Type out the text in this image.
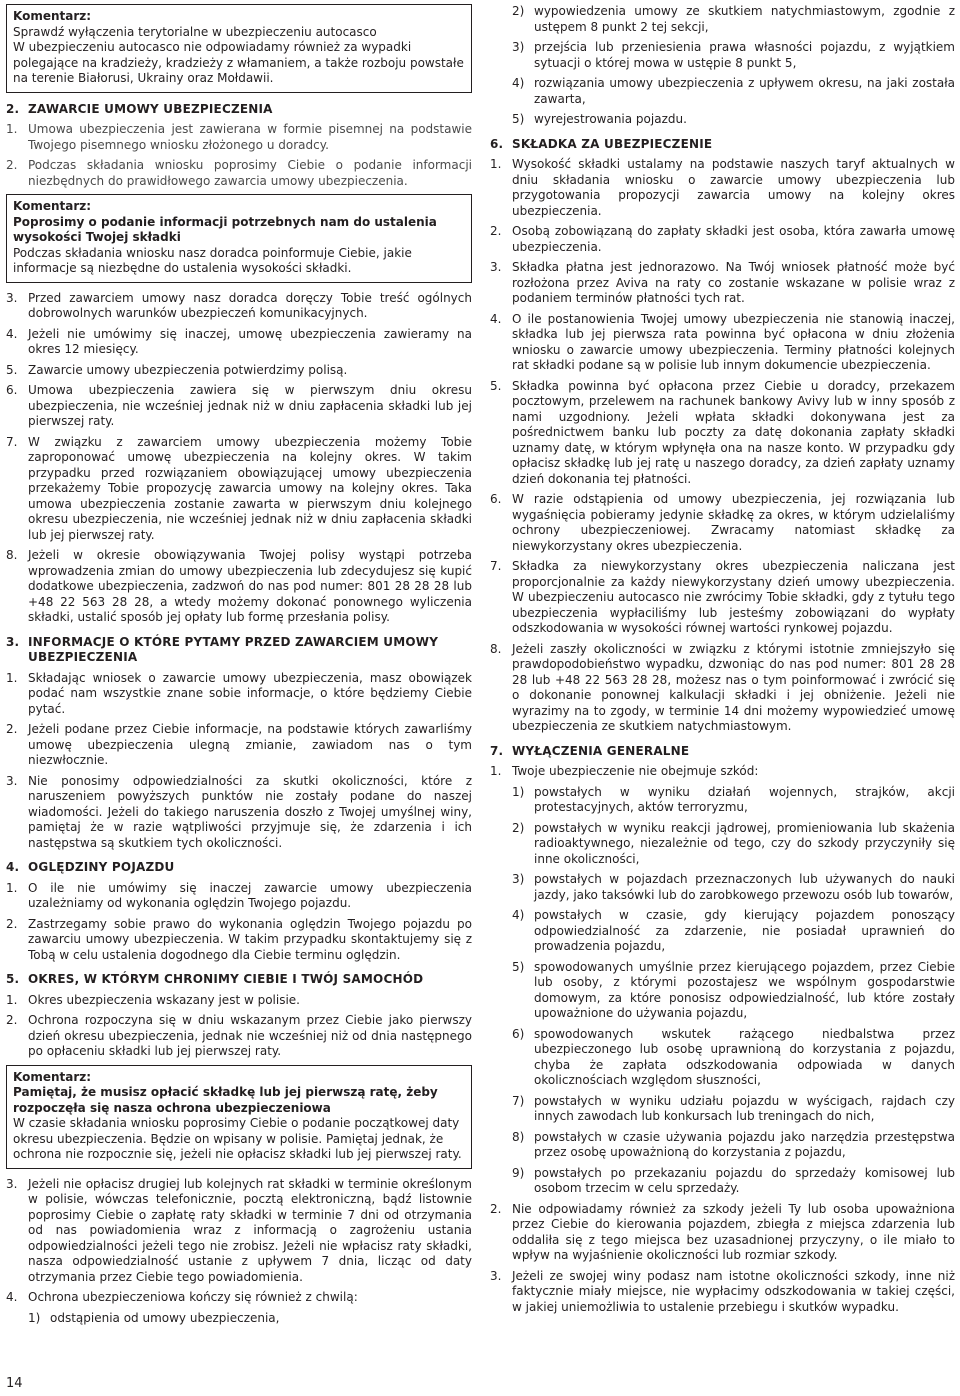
Komentarz:
Sprawdź wyłączenia terytorialne w ubezpieczeniu autocasco
W ubezpieczeniu autocasco nie odpowiadamy również za wypadki polegające na kradzieży, kradzieży z włamaniem, a także rozboju powstałe na terenie Białorusi, Ukrainy oraz Mołdawii.
2. ZAWARCIE UMOWY UBEZPIECZENIA
1. Umowa ubezpieczenia jest zawierana w formie pisemnej na podstawie Twojego pisemnego wniosku złożonego u doradcy.
2. Podczas składania wniosku poprosimy Ciebie o podanie informacji niezbędnych do prawidłowego zawarcia umowy ubezpieczenia.
Komentarz:
Poprosimy o podanie informacji potrzebnych nam do ustalenia wysokości Twojej składki
Podczas składania wniosku nasz doradca poinformuje Ciebie, jakie informacje są niezbędne do ustalenia wysokości składki.
3. Przed zawarciem umowy nasz doradca doręczy Tobie treść ogólnych dobrowolnych warunków ubezpieczeń komunikacyjnych.
4. Jeżeli nie umówimy się inaczej, umowę ubezpieczenia zawieramy na okres 12 miesięcy.
5. Zawarcie umowy ubezpieczenia potwierdzimy polisą.
6. Umowa ubezpieczenia zawiera się w pierwszym dniu okresu ubezpieczenia, nie wcześniej jednak niż w dniu zapłacenia składki lub jej pierwszej raty.
7. W związku z zawarciem umowy ubezpieczenia możemy Tobie zaproponować umowę ubezpieczenia na kolejny okres. W takim przypadku przed rozwiązaniem obowiązującej umowy ubezpieczenia przekażemy Tobie propozycję zawarcia umowy na kolejny okres. Taka umowa ubezpieczenia zostanie zawarta w pierwszym dniu kolejnego okresu ubezpieczenia, nie wcześniej jednak niż w dniu zapłacenia składki lub jej pierwszej raty.
8. Jeżeli w okresie obowiązywania Twojej polisy wystąpi potrzeba wprowadzenia zmian do umowy ubezpieczenia lub zdecydujesz się kupić dodatkowe ubezpieczenia, zadzwoń do nas pod numer: 801 28 28 28 lub +48 22 563 28 28, a wtedy możemy dokonać ponownego wyliczenia składki, ustalić sposób jej opłaty lub formę przesłania polisy.
3. INFORMACJE O KTÓRE PYTAMY PRZED ZAWARCIEM UMOWY UBEZPIECZENIA
1. Składając wniosek o zawarcie umowy ubezpieczenia, masz obowiązek podać nam wszystkie znane sobie informacje, o które będziemy Ciebie pytać.
2. Jeżeli podane przez Ciebie informacje, na podstawie których zawarliśmy umowę ubezpieczenia ulegną zmianie, zawiadom nas o tym niezwłocznie.
3. Nie ponosimy odpowiedzialności za skutki okoliczności, które z naruszeniem powyższych punktów nie zostały podane do naszej wiadomości. Jeżeli do takiego naruszenia doszło z Twojej umyślnej winy, pamiętaj że w razie wątpliwości przyjmuje się, że zdarzenia i ich następstwa są skutkiem tych okoliczności.
4. OGLĘDZINY POJAZDU
1. O ile nie umówimy się inaczej zawarcie umowy ubezpieczenia uzależniamy od wykonania oględzin Twojego pojazdu.
2. Zastrzegamy sobie prawo do wykonania oględzin Twojego pojazdu po zawarciu umowy ubezpieczenia. W takim przypadku skontaktujemy się z Tobą w celu ustalenia dogodnego dla Ciebie terminu oględzin.
5. OKRES, W KTÓRYM CHRONIMY CIEBIE I TWÓJ SAMOCHÓD
1. Okres ubezpieczenia wskazany jest w polisie.
2. Ochrona rozpoczyna się w dniu wskazanym przez Ciebie jako pierwszy dzień okresu ubezpieczenia, jednak nie wcześniej niż od dnia następnego po opłaceniu składki lub jej pierwszej raty.
Komentarz:
Pamiętaj, że musisz opłacić składkę lub jej pierwszą ratę, żeby rozpoczęła się nasza ochrona ubezpieczeniowa
W czasie składania wniosku poprosimy Ciebie o podanie początkowej daty okresu ubezpieczenia. Będzie on wpisany w polisie. Pamiętaj jednak, że ochrona nie rozpocznie się, jeżeli nie opłacisz składki lub jej pierwszej raty.
3. Jeżeli nie opłacisz drugiej lub kolejnych rat składki w terminie określonym w polisie, wówczas telefonicznie, pocztą elektroniczną, bądź listownie poprosimy Ciebie o zapłatę raty składki w terminie 7 dni od otrzymania od nas powiadomienia wraz z informacją o zagrożeniu ustania odpowiedzialności jeżeli tego nie zrobisz. Jeżeli nie wpłacisz raty składki, nasza odpowiedzialność ustanie z upływem 7 dnia, licząc od daty otrzymania przez Ciebie tego powiadomienia.
4. Ochrona ubezpieczeniowa kończy się również z chwilą:
1) odstąpienia od umowy ubezpieczenia,
2) wypowiedzenia umowy ze skutkiem natychmiastowym, zgodnie z ustępem 8 punkt 2 tej sekcji,
3) przejścia lub przeniesienia prawa własności pojazdu, z wyjątkiem sytuacji o której mowa w ustępie 8 punkt 5,
4) rozwiązania umowy ubezpieczenia z upływem okresu, na jaki została zawarta,
5) wyrejestrowania pojazdu.
6. SKŁADKA ZA UBEZPIECZENIE
1. Wysokość składki ustalamy na podstawie naszych taryf aktualnych w dniu składania wniosku o zawarcie umowy ubezpieczenia lub przygotowania propozycji zawarcia umowy na kolejny okres ubezpieczenia.
2. Osobą zobowiązaną do zapłaty składki jest osoba, która zawarła umowę ubezpieczenia.
3. Składka płatna jest jednorazowo. Na Twój wniosek płatność może być rozłożona przez Aviva na raty co zostanie wskazane w polisie wraz z podaniem terminów płatności tych rat.
4. O ile postanowienia Twojej umowy ubezpieczenia nie stanowią inaczej, składka lub jej pierwsza rata powinna być opłacona w dniu złożenia wniosku o zawarcie umowy ubezpieczenia. Terminy płatności kolejnych rat składki podane są w polisie lub innym dokumencie ubezpieczenia.
5. Składka powinna być opłacona przez Ciebie u doradcy, przekazem pocztowym, przelewem na rachunek bankowy Avivy lub w inny sposób z nami uzgodniony. Jeżeli wpłata składki dokonywana jest za pośrednictwem banku lub poczty za datę dokonania zapłaty składki uznamy datę, w którym wpłynęła ona na nasze konto. W przypadku gdy opłacisz składkę lub jej ratę u naszego doradcy, za dzień zapłaty uznamy dzień dokonania tej płatności.
6. W razie odstąpienia od umowy ubezpieczenia, jej rozwiązania lub wygaśnięcia pobieramy jedynie składkę za okres, w którym udzielaliśmy ochrony ubezpieczeniowej. Zwracamy natomiast składkę za niewykorzystany okres ubezpieczenia.
7. Składka za niewykorzystany okres ubezpieczenia naliczana jest proporcjonalnie za każdy niewykorzystany dzień umowy ubezpieczenia. W ubezpieczeniu autocasco nie zwrócimy Tobie składki, gdy z tytułu tego ubezpieczenia wypłaciliśmy lub jesteśmy zobowiązani do wypłaty odszkodowania w wysokości równej wartości rynkowej pojazdu.
8. Jeżeli zaszły okoliczności w związku z którymi istotnie zmniejszyło się prawdopodobieństwo wypadku, dzwoniąc do nas pod numer: 801 28 28 28 lub +48 22 563 28 28, możesz nas o tym poinformować i zwrócić się o dokonanie ponownej kalkulacji składki i jej obniżenie. Jeżeli nie wyrazimy na to zgody, w terminie 14 dni możemy wypowiedzieć umowę ubezpieczenia ze skutkiem natychmiastowym.
7. WYŁĄCZENIA GENERALNE
1. Twoje ubezpieczenie nie obejmuje szkód:
1) powstałych w wyniku działań wojennych, strajków, akcji protestacyjnych, aktów terroryzmu,
2) powstałych w wyniku reakcji jądrowej, promieniowania lub skażenia radioaktywnego, niezależnie od tego, czy do szkody przyczyniły się inne okoliczności,
3) powstałych w pojazdach przeznaczonych lub używanych do nauki jazdy, jako taksówki lub do zarobkowego przewozu osób lub towarów,
4) powstałych w czasie, gdy kierujący pojazdem ponoszący odpowiedzialność za zdarzenie, nie posiadał uprawnień do prowadzenia pojazdu,
5) spowodowanych umyślnie przez kierującego pojazdem, przez Ciebie lub osoby, z którymi pozostajesz we wspólnym gospodarstwie domowym, za które ponosisz odpowiedzialność, lub które zostały upoważnione do używania pojazdu,
6) spowodowanych wskutek rażącego niedbalstwa przez ubezpieczonego lub osobę uprawnioną do korzystania z pojazdu, chyba że zapłata odszkodowania odpowiada w danych okolicznościach względom słuszności,
7) powstałych w wyniku udziału pojazdu w wyścigach, rajdach czy innych zawodach lub konkursach lub treningach do nich,
8) powstałych w czasie używania pojazdu jako narzędzia przestępstwa przez osobę upoważnioną do korzystania z pojazdu,
9) powstałych po przekazaniu pojazdu do sprzedaży komisowej lub osobom trzecim w celu sprzedaży.
2. Nie odpowiadamy również za szkody jeżeli Ty lub osoba upoważniona przez Ciebie do kierowania pojazdem, zbiegła z miejsca zdarzenia lub oddaliła się z tego miejsca bez uzasadnionej przyczyny, o ile miało to wpływ na wyjaśnienie okoliczności lub rozmiar szkody.
3. Jeżeli ze swojej winy podasz nam istotne okoliczności szkody, inne niż faktycznie miały miejsce, nie wypłacimy odszkodowania w takiej części, w jakiej uniemożliwia to ustalenie przebiegu i skutków wypadku.
14
